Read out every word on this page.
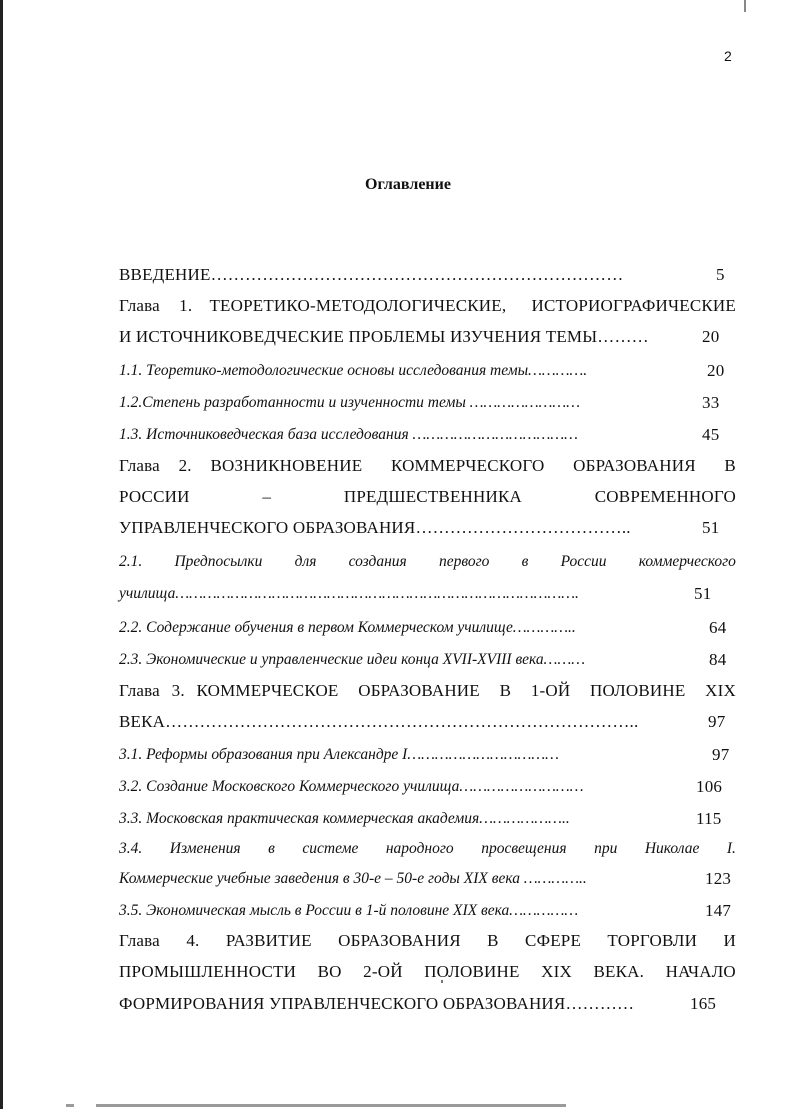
2
Оглавление
ВВЕДЕНИЕ………………………………………………………………	5
Глава 1. ТЕОРЕТИКО-МЕТОДОЛОГИЧЕСКИЕ, ИСТОРИОГРАФИЧЕСКИЕ
И ИСТОЧНИКОВЕДЧЕСКИЕ ПРОБЛЕМЫ ИЗУЧЕНИЯ ТЕМЫ………	20
1.1. Теоретико-методологические основы исследования темы………….	20
1.2.Степень разработанности и изученности темы ……………………	33
1.3. Источниковедческая база исследования ………………………………	45
Глава 2. ВОЗНИКНОВЕНИЕ КОММЕРЧЕСКОГО ОБРАЗОВАНИЯ В
РОССИИ	–	ПРЕДШЕСТВЕННИКА	СОВРЕМЕННОГО
УПРАВЛЕНЧЕСКОГО ОБРАЗОВАНИЯ………………………………..	51
2.1. Предпосылки для создания первого в России коммерческого
училища…………………………………………………………………………….	51
2.2. Содержание обучения в первом Коммерческом училище…………..	64
2.3. Экономические и управленческие идеи конца XVII-XVIII века………	84
Глава 3. КОММЕРЧЕСКОЕ ОБРАЗОВАНИЕ В 1-ОЙ ПОЛОВИНЕ XIX
ВЕКА………………………………………………………………………..	97
3.1. Реформы образования при Александре I……………………………	97
3.2. Создание Московского Коммерческого училища………………………	106
3.3. Московская практическая коммерческая академия………………..	115
3.4. Изменения в системе народного просвещения при Николае I.
Коммерческие учебные заведения в 30-е – 50-е годы XIX века …………..	123
3.5. Экономическая мысль в России в 1-й половине XIX века……………	147
Глава 4. РАЗВИТИЕ ОБРАЗОВАНИЯ В СФЕРЕ ТОРГОВЛИ И
ПРОМЫШЛЕННОСТИ ВО 2-ОЙ ПОЛОВИНЕ XIX ВЕКА. НАЧАЛО
ФОРМИРОВАНИЯ УПРАВЛЕНЧЕСКОГО ОБРАЗОВАНИЯ…………	165
